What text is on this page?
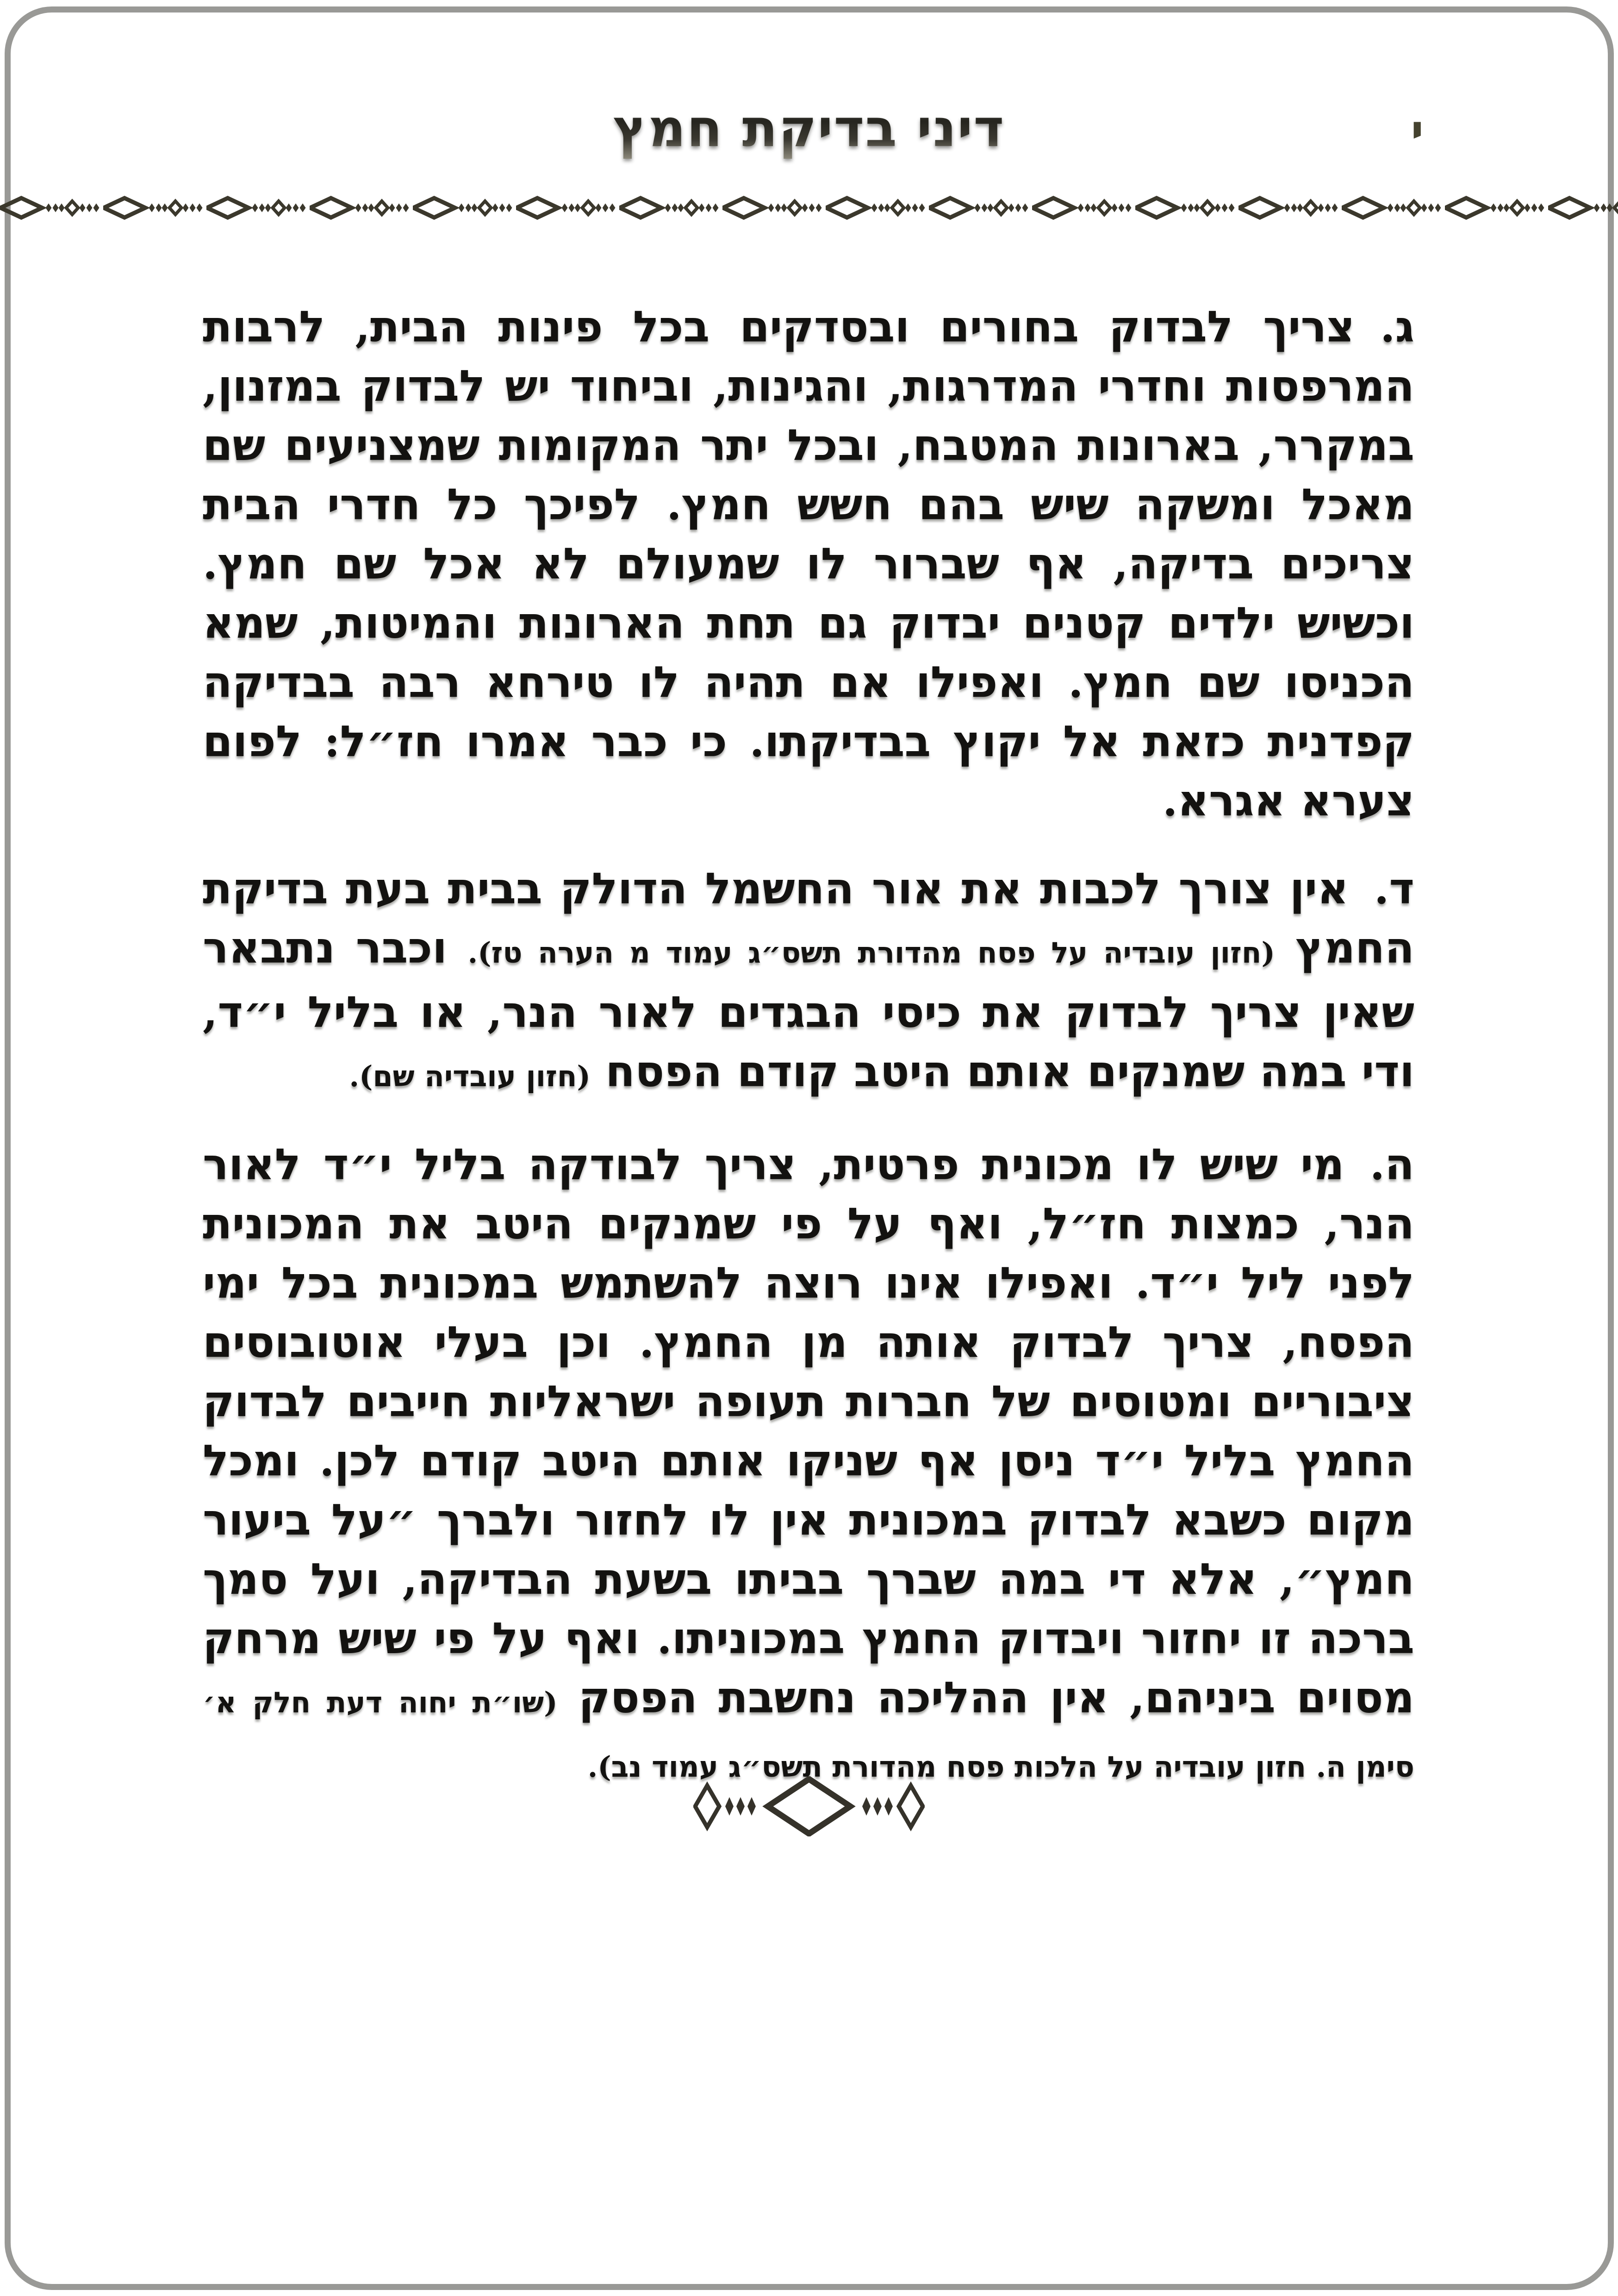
דיני בדיקת חמץ

ג.צריך לבדוק בחורים ובסדקים בכל פינות הבית, לרבות המרפסות וחדרי המדרגות, והגינות, וביחוד יש לבדוק במזנון, במקרר, בארונות המטבח, ובכל יתר המקומות שמצניעים שם מאכל ומשקה שיש בהם חשש חמץ. לפיכך כל חדרי הבית צריכים בדיקה, אף שברור לו שמעולם לא אכל שם חמץ. וכשיש ילדים קטנים יבדוק גם תחת הארונות והמיטות, שמא הכניסו שם חמץ. ואפילו אם תהיה לו טירחא רבה בבדיקה קפדנית כזאת אל יקוץ בבדיקתו. כי כבר אמרו חז״ל: לפום צערא אגרא.

ד.אין צורך לכבות את אור החשמל הדולק בבית בעת בדיקת החמץ (חזון עובדיה על פסח מהדורת תשס״ג עמוד מ הערה טז). וכבר נתבאר שאין צריך לבדוק את כיסי הבגדים לאור הנר, או בליל י״ד, ודי במה שמנקים אותם היטב קודם הפסח (חזון עובדיה שם).

ה.מי שיש לו מכונית פרטית, צריך לבודקה בליל י״ד לאור הנר, כמצות חז״ל, ואף על פי שמנקים היטב את המכונית לפני ליל י״ד. ואפילו אינו רוצה להשתמש במכונית בכל ימי הפסח, צריך לבדוק אותה מן החמץ. וכן בעלי אוטובוסים ציבוריים ומטוסים של חברות תעופה ישראליות חייבים לבדוק החמץ בליל י״ד ניסן אף שניקו אותם היטב קודם לכן. ומכל מקום כשבא לבדוק במכונית אין לו לחזור ולברך ״על ביעור חמץ״, אלא די במה שברך בביתו בשעת הבדיקה, ועל סמך ברכה זו יחזור ויבדוק החמץ במכוניתו. ואף על פי שיש מרחק מסוים ביניהם, אין ההליכה נחשבת הפסק (שו״ת יחוה דעת חלק א׳ סימן ה. חזון עובדיה על הלכות פסח מהדורת תשס״ג עמוד נב).
